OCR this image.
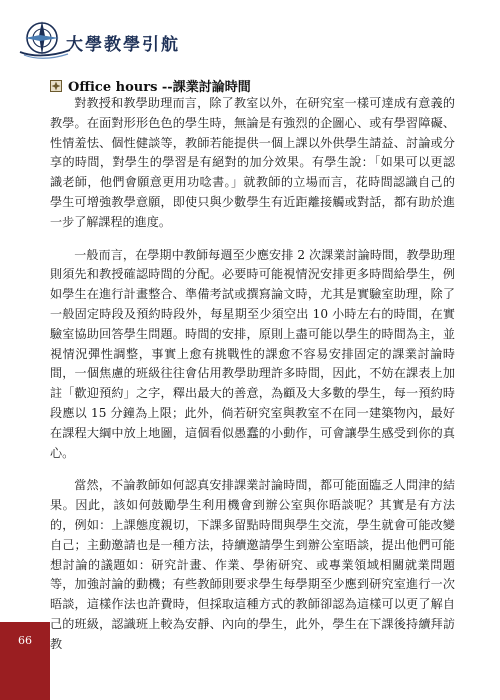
大學教學引航
Office hours --課業討論時間

對教授和教學助理而言，除了教室以外，在研究室一樣可達成有意義的教學。在面對形形色色的學生時，無論是有強烈的企圖心、或有學習障礙、性情羞怯、個性健談等，教師若能提供一個上課以外供學生請益、討論或分享的時間，對學生的學習是有絕對的加分效果。有學生說：「如果可以更認識老師，他們會願意更用功唸書。」就教師的立場而言，花時間認識自己的學生可增強教學意願，即使只與少數學生有近距離接觸或對話，都有助於進一步了解課程的進度。

一般而言，在學期中教師每週至少應安排 2 次課業討論時間，教學助理則須先和教授確認時間的分配。必要時可能視情況安排更多時間給學生，例如學生在進行計畫整合、準備考試或撰寫論文時，尤其是實驗室助理，除了一般固定時段及預約時段外，每星期至少須空出 10 小時左右的時間，在實驗室協助回答學生問題。時間的安排，原則上盡可能以學生的時間為主，並視情況彈性調整，事實上愈有挑戰性的課愈不容易安排固定的課業討論時間，一個焦慮的班級往往會佔用教學助理許多時間，因此，不妨在課表上加註「歡迎預約」之字，釋出最大的善意，為顧及大多數的學生，每一預約時段應以 15 分鐘為上限；此外，倘若研究室與教室不在同一建築物內，最好在課程大綱中放上地圖，這個看似愚蠢的小動作，可會讓學生感受到你的真心。

當然，不論教師如何認真安排課業討論時間，都可能面臨乏人問津的結果。因此，該如何鼓勵學生利用機會到辦公室與你晤談呢？其實是有方法的，例如：上課態度親切，下課多留點時間與學生交流，學生就會可能改變自己；主動邀請也是一種方法，持續邀請學生到辦公室晤談，提出他們可能想討論的議題如：研究計畫、作業、學術研究、或專業領域相關就業問題等，加強討論的動機；有些教師則要求學生每學期至少應到研究室進行一次晤談，這樣作法也許費時，但採取這種方式的教師卻認為這樣可以更了解自己的班級，認識班上較為安靜、內向的學生，此外，學生在下課後持續拜訪教

66
